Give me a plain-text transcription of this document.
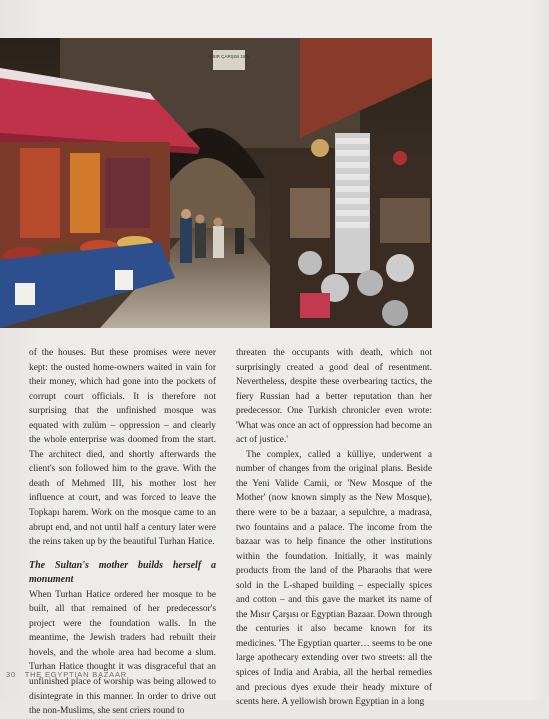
MISIR ÇARŞISI 1664

of the houses. But these promises were never kept: the ousted home-owners waited in vain for their money, which had gone into the pockets of corrupt court officials. It is therefore not surprising that the unfinished mosque was equated with zulüm – oppression – and clearly the whole enterprise was doomed from the start. The architect died, and shortly afterwards the client's son followed him to the grave. With the death of Mehmed III, his mother lost her influence at court, and was forced to leave the Topkapı harem. Work on the mosque came to an abrupt end, and not until half a century later were the reins taken up by the beautiful Turhan Hatice.

The Sultan's mother builds herself a monument

When Turhan Hatice ordered her mosque to be built, all that remained of her predecessor's project were the foundation walls. In the meantime, the Jewish traders had rebuilt their hovels, and the whole area had become a slum. Turhan Hatice thought it was disgraceful that an unfinished place of worship was being allowed to disintegrate in this manner. In order to drive out the non-Muslims, she sent criers round to

threaten the occupants with death, which not surprisingly created a good deal of resentment. Nevertheless, despite these overbearing tactics, the fiery Russian had a better reputation than her predecessor. One Turkish chronicler even wrote: 'What was once an act of oppression had become an act of justice.'

The complex, called a külliye, underwent a number of changes from the original plans. Beside the Yeni Valide Camii, or 'New Mosque of the Mother' (now known simply as the New Mosque), there were to be a bazaar, a sepulchre, a madrasa, two fountains and a palace. The income from the bazaar was to help finance the other institutions within the foundation. Initially, it was mainly products from the land of the Pharaohs that were sold in the L-shaped building – especially spices and cotton – and this gave the market its name of the Mısır Çarşısı or Egyptian Bazaar. Down through the centuries it also became known for its medicines. 'The Egyptian quarter… seems to be one large apothecary extending over two streets: all the spices of India and Arabia, all the herbal remedies and precious dyes exude their heady mixture of scents here. A yellowish brown Egyptian in a long

30 THE EGYPTIAN BAZAAR
